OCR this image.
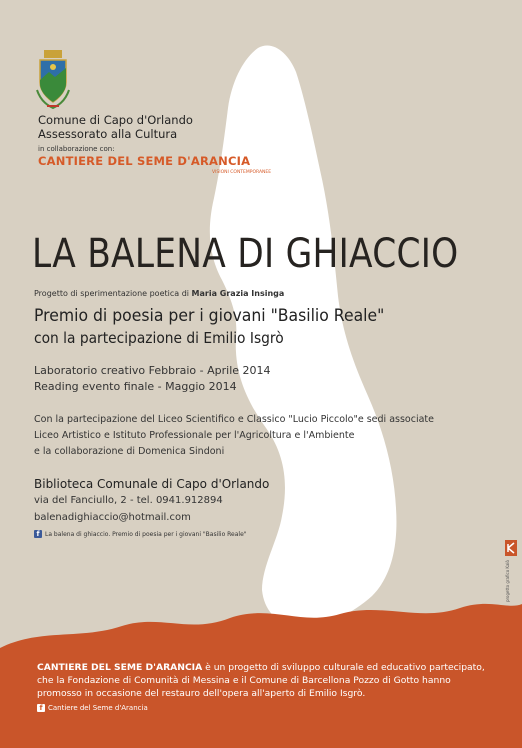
Comune di Capo d'Orlando
Assessorato alla Cultura
in collaborazione con:
CANTIERE DEL SEME D'ARANCIA
VISIONI CONTEMPORANEE
LA BALENA DI GHIACCIO
Progetto di sperimentazione poetica di Maria Grazia Insinga
Premio di poesia per i giovani "Basilio Reale"
con la partecipazione di Emilio Isgrò
Laboratorio creativo Febbraio - Aprile 2014
Reading evento finale - Maggio 2014
Con la partecipazione del Liceo Scientifico e Classico "Lucio Piccolo"e sedi associate
Liceo Artistico e Istituto Professionale per l'Agricoltura e l'Ambiente
e la collaborazione di Domenica Sindoni
Biblioteca Comunale di Capo d'Orlando
via del Fanciullo, 2 - tel. 0941.912894
balenadighiaccio@hotmail.com
f La balena di ghiaccio. Premio di poesia per i giovani "Basilio Reale"
progetto grafico Kalò
CANTIERE DEL SEME D'ARANCIA è un progetto di sviluppo culturale ed educativo partecipato,
che la Fondazione di Comunità di Messina e il Comune di Barcellona Pozzo di Gotto hanno
promosso in occasione del restauro dell'opera all'aperto di Emilio Isgrò.
f Cantiere del Seme d'Arancia
